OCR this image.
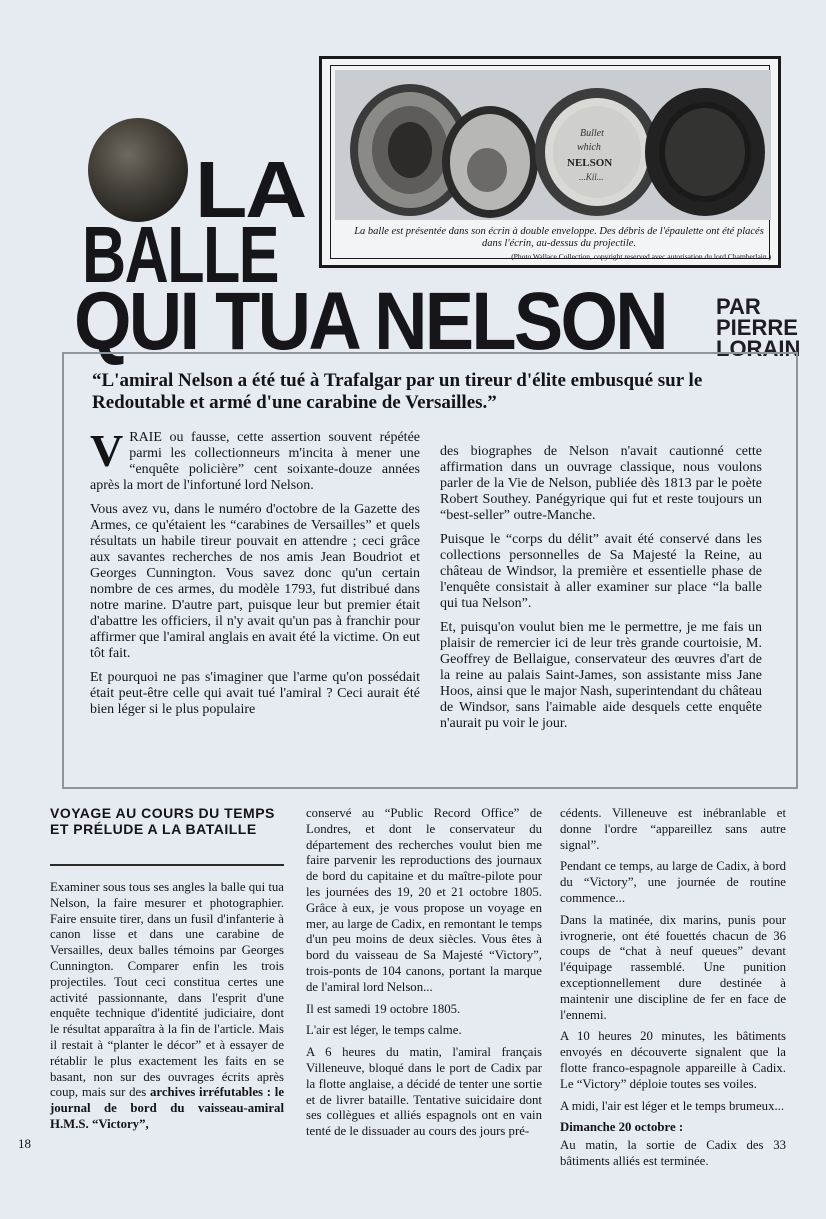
Bullet
which
NELSON
...Kil...
La balle est présentée dans son écrin à double enveloppe. Des débris de l'épaulette ont été placés dans l'écrin, au-dessus du projectile.
(Photo Wallace Collection, copyright reserved avec autorisation du lord Chamberlain.)
LA
BALLE
QUI TUA NELSON PAR
PIERRE
LORAIN
“L'amiral Nelson a été tué à Trafalgar par un tireur d'élite embusqué sur le Redoutable et armé d'une carabine de Versailles.”

VRAIE ou fausse, cette assertion souvent répétée parmi les collectionneurs m'incita à mener une “enquête policière” cent soixante-douze années après la mort de l'infortuné lord Nelson.

Vous avez vu, dans le numéro d'octobre de la Gazette des Armes, ce qu'étaient les “carabines de Versailles” et quels résultats un habile tireur pouvait en attendre ; ceci grâce aux savantes recherches de nos amis Jean Boudriot et Georges Cunnington. Vous savez donc qu'un certain nombre de ces armes, du modèle 1793, fut distribué dans notre marine. D'autre part, puisque leur but premier était d'abattre les officiers, il n'y avait qu'un pas à franchir pour affirmer que l'amiral anglais en avait été la victime. On eut tôt fait.

Et pourquoi ne pas s'imaginer que l'arme qu'on possédait était peut-être celle qui avait tué l'amiral ? Ceci aurait été bien léger si le plus populaire

des biographes de Nelson n'avait cautionné cette affirmation dans un ouvrage classique, nous voulons parler de la Vie de Nelson, publiée dès 1813 par le poète Robert Southey. Panégyrique qui fut et reste toujours un “best-seller” outre-Manche.

Puisque le “corps du délit” avait été conservé dans les collections personnelles de Sa Majesté la Reine, au château de Windsor, la première et essentielle phase de l'enquête consistait à aller examiner sur place “la balle qui tua Nelson”.

Et, puisqu'on voulut bien me le permettre, je me fais un plaisir de remercier ici de leur très grande courtoisie, M. Geoffrey de Bellaigue, conservateur des œuvres d'art de la reine au palais Saint-James, son assistante miss Jane Hoos, ainsi que le major Nash, superintendant du château de Windsor, sans l'aimable aide desquels cette enquête n'aurait pu voir le jour.

VOYAGE AU COURS DU TEMPS ET PRÉLUDE A LA BATAILLE

Examiner sous tous ses angles la balle qui tua Nelson, la faire mesurer et photographier. Faire ensuite tirer, dans un fusil d'infanterie à canon lisse et dans une carabine de Versailles, deux balles témoins par Georges Cunnington. Comparer enfin les trois projectiles. Tout ceci constitua certes une activité passionnante, dans l'esprit d'une enquête technique d'identité judiciaire, dont le résultat apparaîtra à la fin de l'article. Mais il restait à “planter le décor” et à essayer de rétablir le plus exactement les faits en se basant, non sur des ouvrages écrits après coup, mais sur des archives irréfutables : le journal de bord du vaisseau-amiral H.M.S. “Victory”,

conservé au “Public Record Office” de Londres, et dont le conservateur du département des recherches voulut bien me faire parvenir les reproductions des journaux de bord du capitaine et du maître-pilote pour les journées des 19, 20 et 21 octobre 1805. Grâce à eux, je vous propose un voyage en mer, au large de Cadix, en remontant le temps d'un peu moins de deux siècles. Vous êtes à bord du vaisseau de Sa Majesté “Victory”, trois-ponts de 104 canons, portant la marque de l'amiral lord Nelson...

Il est samedi 19 octobre 1805.

L'air est léger, le temps calme.

A 6 heures du matin, l'amiral français Villeneuve, bloqué dans le port de Cadix par la flotte anglaise, a décidé de tenter une sortie et de livrer bataille. Tentative suicidaire dont ses collègues et alliés espagnols ont en vain tenté de le dissuader au cours des jours pré-

cédents. Villeneuve est inébranlable et donne l'ordre “appareillez sans autre signal”.

Pendant ce temps, au large de Cadix, à bord du “Victory”, une journée de routine commence...

Dans la matinée, dix marins, punis pour ivrognerie, ont été fouettés chacun de 36 coups de “chat à neuf queues” devant l'équipage rassemblé. Une punition exceptionnellement dure destinée à maintenir une discipline de fer en face de l'ennemi.

A 10 heures 20 minutes, les bâtiments envoyés en découverte signalent que la flotte franco-espagnole appareille à Cadix. Le “Victory” déploie toutes ses voiles.

A midi, l'air est léger et le temps brumeux...

Dimanche 20 octobre :

Au matin, la sortie de Cadix des 33 bâtiments alliés est terminée.

18
